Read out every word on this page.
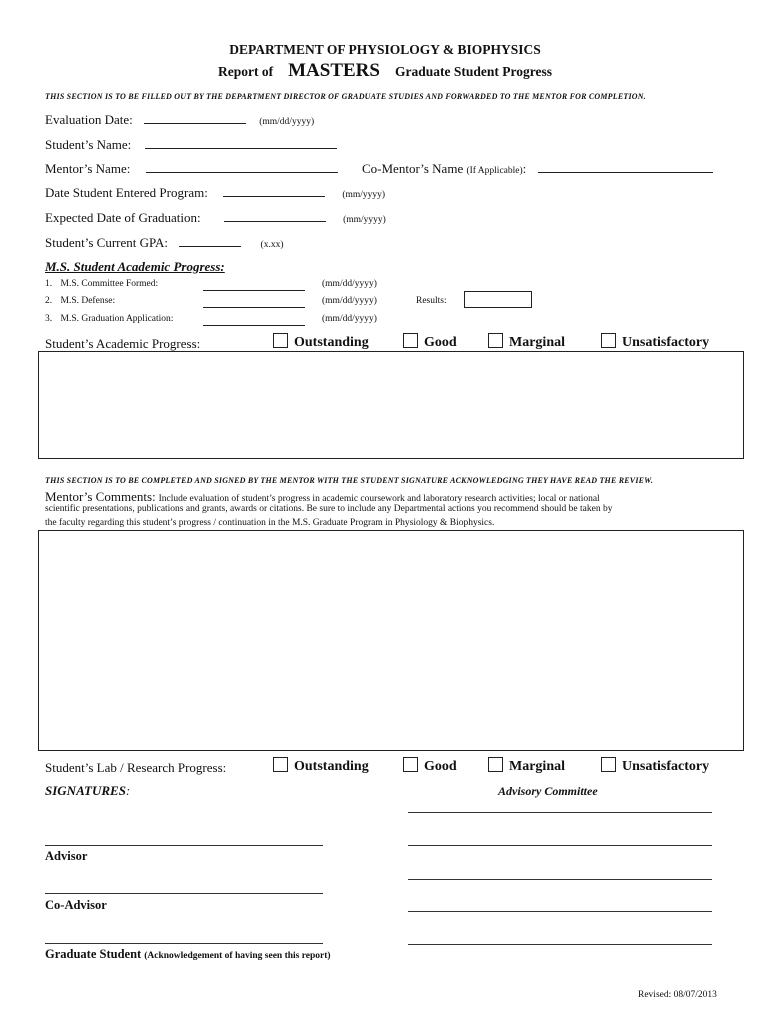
DEPARTMENT OF PHYSIOLOGY & BIOPHYSICS
Report of MASTERS Graduate Student Progress
THIS SECTION IS TO BE FILLED OUT BY THE DEPARTMENT DIRECTOR OF GRADUATE STUDIES AND FORWARDED TO THE MENTOR FOR COMPLETION.
Evaluation Date:	(mm/dd/yyyy)
Student’s Name:
Mentor’s Name:	Co-Mentor’s Name (If Applicable):
Date Student Entered Program:	(mm/yyyy)
Expected Date of Graduation:	(mm/yyyy)
Student’s Current GPA:	(x.xx)
M.S. Student Academic Progress:
1. M.S. Committee Formed:	(mm/dd/yyyy)
2. M.S. Defense:	(mm/dd/yyyy)	Results:
3. M.S. Graduation Application:	(mm/dd/yyyy)
Student’s Academic Progress:	Outstanding	Good	Marginal	Unsatisfactory
THIS SECTION IS TO BE COMPLETED AND SIGNED BY THE MENTOR WITH THE STUDENT SIGNATURE ACKNOWLEDGING THEY HAVE READ THE REVIEW.
Mentor’s Comments: Include evaluation of student’s progress in academic coursework and laboratory research activities; local or national
scientific presentations, publications and grants, awards or citations. Be sure to include any Departmental actions you recommend should be taken by
the faculty regarding this student’s progress / continuation in the M.S. Graduate Program in Physiology & Biophysics.
Student’s Lab / Research Progress:	Outstanding	Good	Marginal	Unsatisfactory
SIGNATURES:	Advisory Committee
Advisor
Co-Advisor
Graduate Student (Acknowledgement of having seen this report)
Revised: 08/07/2013
